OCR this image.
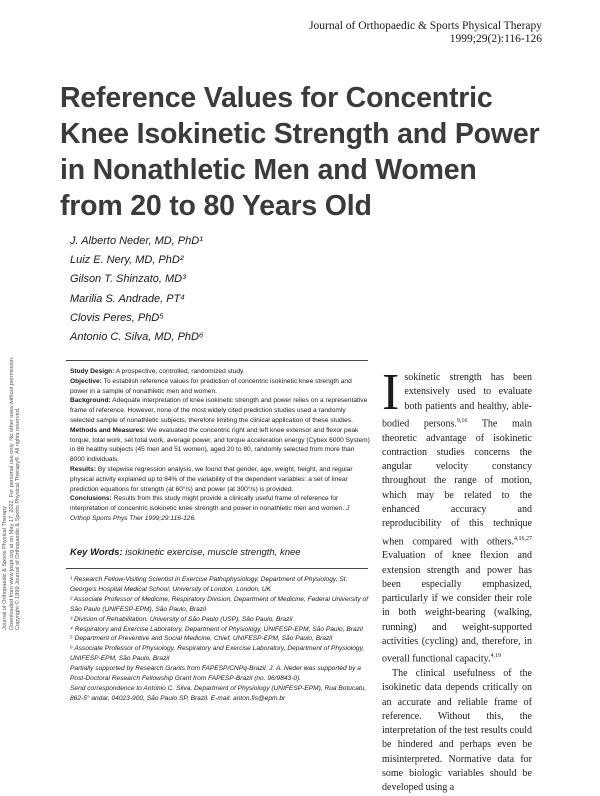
Journal of Orthopaedic & Sports Physical Therapy
1999;29(2):116-126
Reference Values for Concentric Knee Isokinetic Strength and Power in Nonathletic Men and Women from 20 to 80 Years Old
J. Alberto Neder, MD, PhD¹
Luiz E. Nery, MD, PhD²
Gilson T. Shinzato, MD³
Marilia S. Andrade, PT⁴
Clovis Peres, PhD⁵
Antonio C. Silva, MD, PhD⁶
Journal of Orthopaedic & Sports Physical Therapy Downloaded from www.jospt.org at on May 17, 2022. For personal use only. No other uses without permission. Copyright © 1999 Journal of Orthopaedic & Sports Physical Therapy®. All rights reserved.

Study Design: A prospective, controlled, randomized study.

Objective: To establish reference values for prediction of concentric isokinetic knee strength and power in a sample of nonathletic men and women.

Background: Adequate interpretation of knee isokinetic strength and power relies on a representative frame of reference. However, none of the most widely cited prediction studies used a randomly selected sample of nonathletic subjects, therefore limiting the clinical application of these studies.

Methods and Measures: We evaluated the concentric right and left knee extensor and flexor peak torque, total work, set total work, average power, and torque acceleration energy (Cybex 6000 System) in 86 healthy subjects (45 men and 51 women), aged 20 to 80, randomly selected from more than 8000 individuals.

Results: By stepwise regression analysis, we found that gender, age, weight, height, and regular physical activity explained up to 84% of the variability of the dependent variables: a set of linear prediction equations for strength (at 60°/s) and power (at 300°/s) is provided.

Conclusions: Results from this study might provide a clinically useful frame of reference for interpretation of concentric isokinetic knee strength and power in nonathletic men and women. J Orthop Sports Phys Ther 1999;29:116-126.

Key Words: isokinetic exercise, muscle strength, knee

¹ Research Fellow-Visiting Scientist in Exercise Pathophysiology, Department of Physiology, St. George's Hospital Medical School, University of London, London, UK

² Associate Professor of Medicine, Respiratory Division, Department of Medicine, Federal University of São Paulo (UNIFESP-EPM), São Paulo, Brazil

³ Division of Rehabilitation, University of São Paulo (USP), São Paulo, Brazil

⁴ Respiratory and Exercise Laboratory, Department of Physiology, UNIFESP-EPM, São Paulo, Brazil

⁵ Department of Preventive and Social Medicine, Chief, UNIFESP-EPM, São Paulo, Brazil

⁶ Associate Professor of Physiology, Respiratory and Exercise Laboratory, Department of Physiology, UNIFESP-EPM, São Paulo, Brazil

Partially supported by Research Grants from FAPESP/CNPq-Brazil. J. A. Neder was supported by a Post-Doctoral Research Fellowship Grant from FAPESP-Brazil (no. 96/9843-0).

Send correspondence to Antonio C. Silva, Department of Physiology (UNIFESP-EPM), Rua Botucatu, 862-5° andar, 04023-900, São Paulo SP, Brazil. E-mail: anton.fis@epm.br

Isokinetic strength has been extensively used to evaluate both patients and healthy, able-bodied persons.$^{9,16}$ The main theoretic advantage of isokinetic contraction studies concerns the angular velocity constancy throughout the range of motion, which may be related to the enhanced accuracy and reproducibility of this technique when compared with others.$^{4,16,27}$ Evaluation of knee flexion and extension strength and power has been especially emphasized, particularly if we consider their role in both weight-bearing (walking, running) and weight-supported activities (cycling) and, therefore, in overall functional capacity.$^{4,19}$

The clinical usefulness of the isokinetic data depends critically on an accurate and reliable frame of reference. Without this, the interpretation of the test results could be hindered and perhaps even be misinterpreted. Normative data for some biologic variables should be developed using a
